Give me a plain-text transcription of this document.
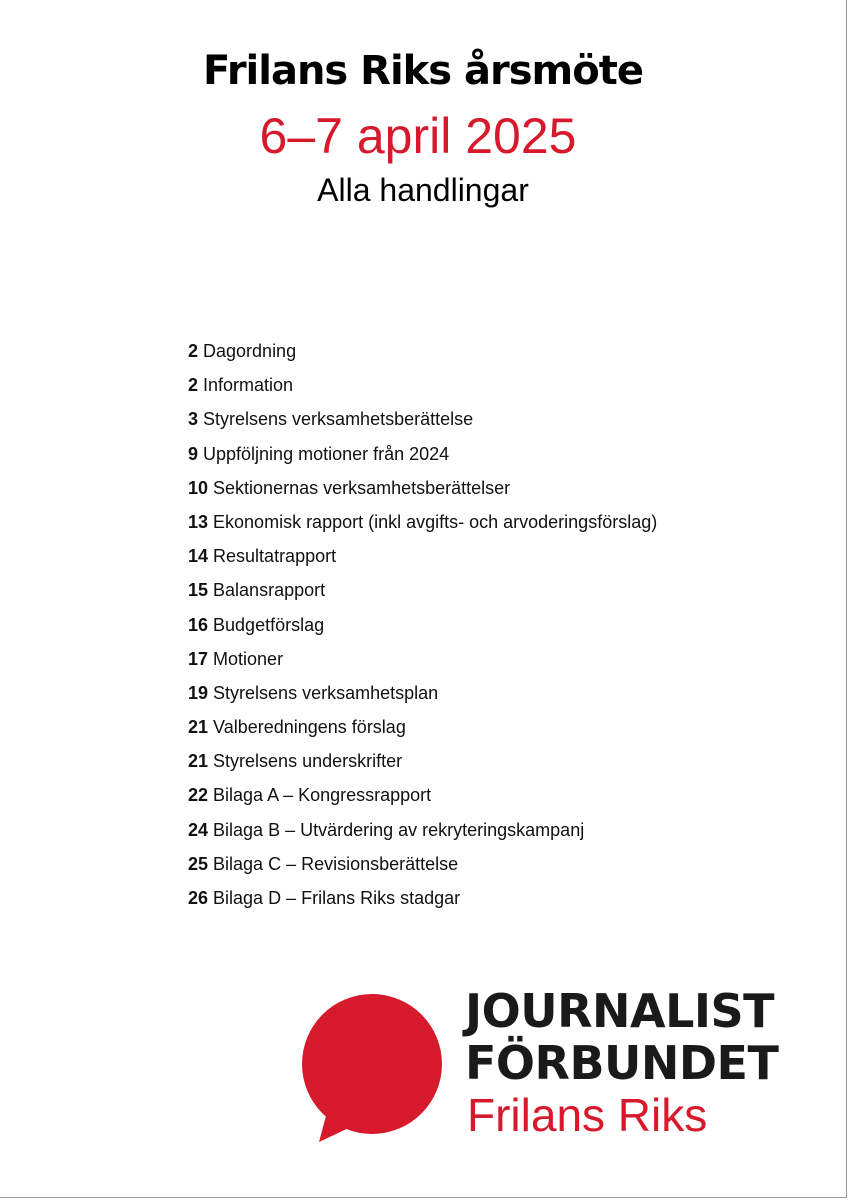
Frilans Riks årsmöte
6–7 april 2025
Alla handlingar
2 Dagordning
2 Information
3 Styrelsens verksamhetsberättelse
9 Uppföljning motioner från 2024
10 Sektionernas verksamhetsberättelser
13 Ekonomisk rapport (inkl avgifts- och arvoderingsförslag)
14 Resultatrapport
15 Balansrapport
16 Budgetförslag
17 Motioner
19 Styrelsens verksamhetsplan
21 Valberedningens förslag
21 Styrelsens underskrifter
22 Bilaga A – Kongressrapport
24 Bilaga B – Utvärdering av rekryteringskampanj
25 Bilaga C – Revisionsberättelse
26 Bilaga D – Frilans Riks stadgar
JOURNALIST
FÖRBUNDET
Frilans Riks
